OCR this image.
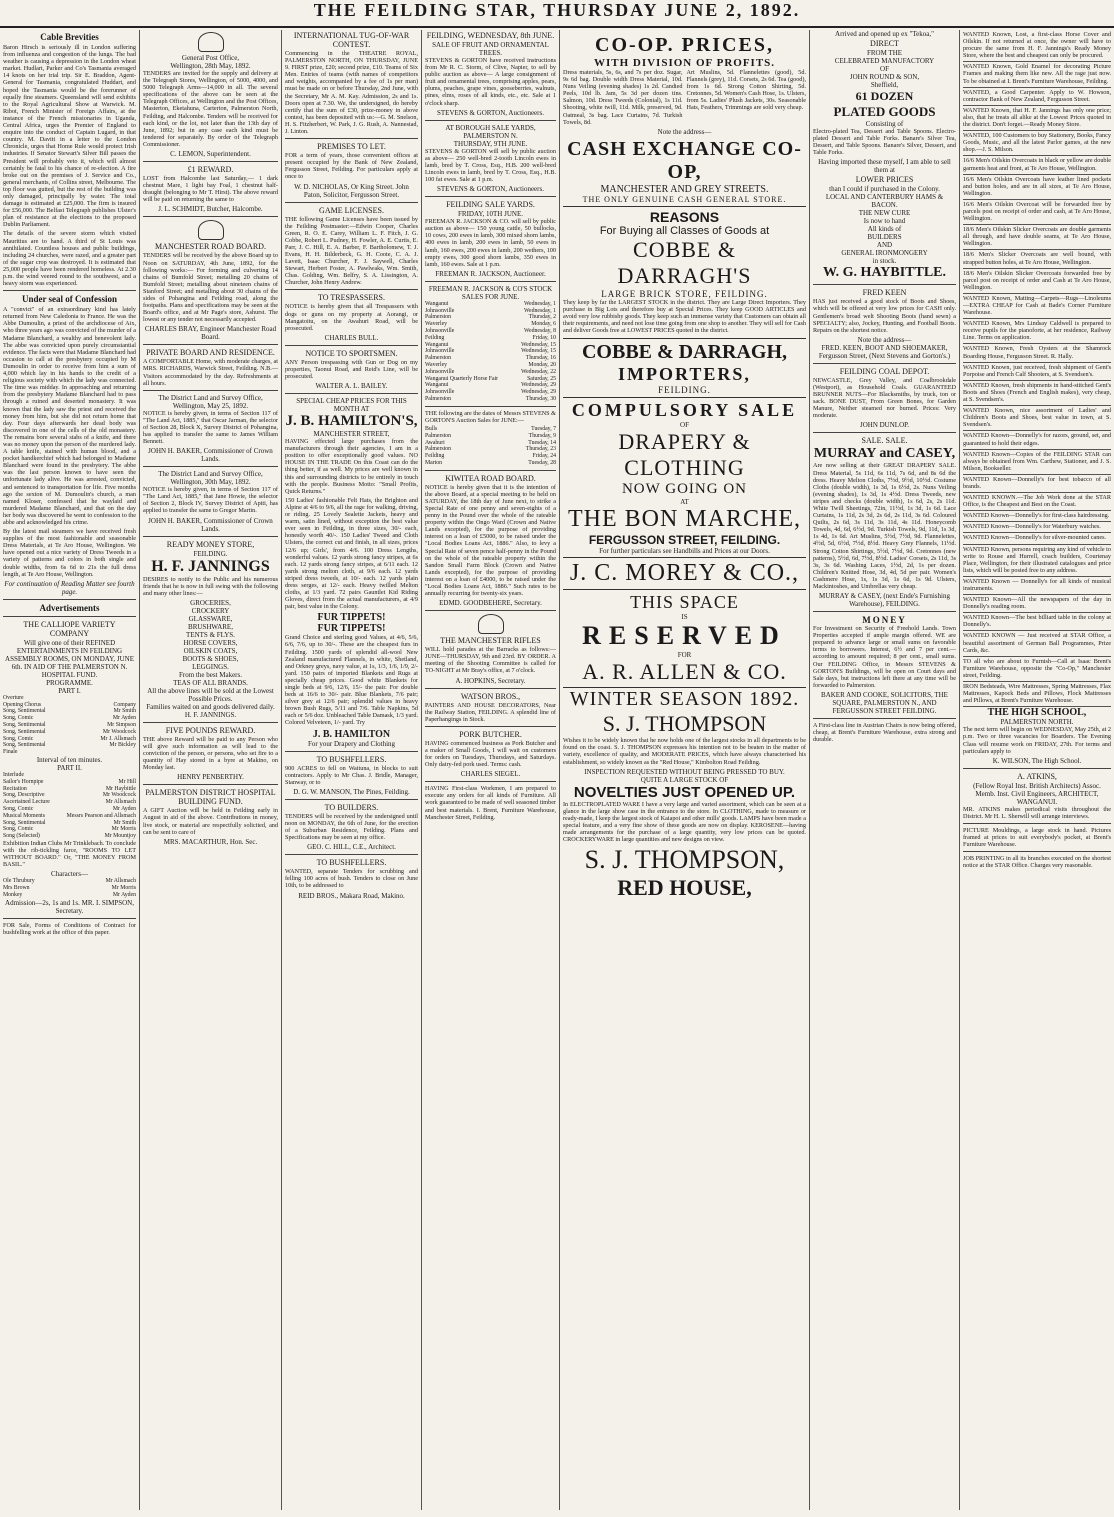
THE FEILDING STAR, THURSDAY JUNE 2, 1892.
Cable Brevities
Baron Hirsch is seriously ill in London suffering from influenza and congestion of the lungs. The bad weather is causing a depression in the London wheat market. Hudlart, Parker and Co's Tasmania averaged 14 knots on her trial trip. Sir E. Braddon, Agent-General for Tasmania, congratulated Huddart, and hoped the Tasmania would be the forerunner of equally fine steamers. Queensland will send exhibits to the Royal Agricultural Show at Warwick. M. Ribot, French Minister of Foreign Affairs, at the instance of the French missionaries in Uganda, Central Africa, urges the Premier of England to enquire into the conduct of Captain Lugard, in that country. M. Davitt in a letter to the London Chronicle, urges that Home Rule would protect Irish industries. If Senator Stewart's Silver Bill passes the President will probably veto it, which will almost certainly be fatal to his chance of re-election. A fire broke out on the premises of J. Service and Co., general merchants, of Collins street, Melbourne. The top floor was gutted, but the rest of the building was only damaged, principally by water. The total damage is estimated at £25,000. The firm is insured for £56,000. The Belfast Telegraph publishes Ulster's plan of resistance at the elections to the proposed Dublin Parliament.
The details of the severe storm which visited Mauritius are to hand. A third of St Louis was annihilated. Countless houses and public buildings, including 24 churches, were razed, and a greater part of the sugar crop was destroyed. It is estimated that 25,000 people have been rendered homeless. At 2.30 p.m. the wind veered round to the southwest, and a heavy storm was experienced.
Under seal of Confession
A "convict" of an extraordinary kind has lately returned from New Caledonia to France. He was the Abbe Dumoulin, a priest of the archdiocese of Aix, who three years ago was convicted of the murder of a Madame Blanchard, a wealthy and benevolent lady. The abbe was convicted upon purely circumstantial evidence. The facts were that Madame Blanchard had occasion to call at the presbytery occupied by M Dumoulin in order to receive from him a sum of 4,000 which lay in his hands to the credit of a religious society with which the lady was connected. The time was midday. In approaching and returning from the presbytery Madame Blanchard had to pass through a ruined and deserted monastery. It was known that the lady saw the priest and received the money from him, but she did not return home that day. Four days afterwards her dead body was discovered in one of the cells of the old monastery. The remains bore several stabs of a knife, and there was no money upon the person of the murdered lady. A table knife, stained with human blood, and a pocket handkerchief which had belonged to Madame Blanchard were found in the presbytery. The abbe was the last person known to have seen the unfortunate lady alive. He was arrested, convicted, and sentenced to transportation for life. Five months ago the sexton of M. Dumoulin's church, a man named Kloser, confessed that he waylaid and murdered Madame Blanchard, and that on the day her body was discovered he went to confession to the abbe and acknowledged his crime.
By the latest mail steamers we have received fresh supplies of the most fashionable and seasonable Dress Materials, at Te Aro House, Wellington. We have opened out a nice variety of Dress Tweeds in a variety of patterns and colors in both single and double widths, from 6s 6d to 21s the full dress length, at Te Aro House, Wellington.
For continuation of Reading Matter see fourth page.
Advertisements
THE CALLIOPE VARIETY COMPANY
Will give one of their REFINED ENTERTAINMENTS IN FEILDING ASSEMBLY ROOMS, ON MONDAY, JUNE 6th. IN AID OF THE PALMERSTON N. HOSPITAL FUND.
PROGRAMME.
PART I.
Overture
Opening Chorus	Company
Song, Sentimental	Mr Smith
Song, Comic	Mr Ayden
Song, Sentimental	Mr Simpson
Song, Sentimental	Mr Woodcock
Song, Comic	Mr J. Allsmach
Song, Sentimental	Mr Bickley
Finale
Interval of ten minutes.
PART II.
Interlude
Sailor's Hornpipe	Mr Hill
Recitation	Mr Haybittle
Song, Descriptive	Mr Woodcock
Ascertained Lecture	Mr Allsmach
Song, Comic	Mr Ayden
Musical Moments	Messrs Pearson and Allsmach
Song, Sentimental	Mr Smith
Song, Comic	Mr Morris
Song (Selected)	Mr Mountjoy
Exhibition Indian Clubs Mr Trinklebach. To conclude with the rib-tickling farce, "ROOMS TO LET WITHOUT BOARD." Or, "THE MONEY FROM BASIL."
Characters—
Ole Thrubury	Mr Allsmach
Mrs Brown	Mr Morris
Monkey	Mr Ayden
Admission—2s, 1s and 1s. MR. I. SIMPSON, Secretary.
FOR Sale, Forms of Conditions of Contract for bushfelling work at the office of this paper.
General Post Office,
Wellington, 28th May, 1892.
TENDERS are invited for the supply and delivery at the Telegraph Stores, Wellington, of 5000, 4000, and 5000 Telegraph Arms—14,000 in all. The several specifications of the above can be seen at the Telegraph Offices, at Wellington and the Post Offices, Masterton, Eketahuna, Carterton, Palmerston North, Feilding, and Halcombe. Tenders will be received for each kind, or the lot, not later than the 13th day of June, 1892; but in any case each kind must be tendered for separately. By order of the Telegraph Commissioner.
C. LEMON, Superintendent.
£1 REWARD.
LOST from Halcombe last Saturday,— 1 dark chestnut Mare, 1 light bay Foal, 1 chestnut half-draught (belonging to Mr T. Hirst). The above reward will be paid on returning the same to
J. L. SCHMIDT, Butcher, Halcombe.
MANCHESTER ROAD BOARD.
TENDERS will be received by the above Board up to Noon on SATURDAY, 4th June, 1892, for the following works:— For forming and culverting 14 chains of Bumfold Street; metalling 20 chains of Bumfold Street; metalling about nineteen chains of Stanford Street; and metalling about 30 chains of the sides of Pohangina and Feilding road, along the footpaths. Plans and specifications may be seen at the Board's office, and at Mr Page's store, Ashurst. The lowest or any tender not necessarily accepted.
CHARLES BRAY, Engineer Manchester Road Board.
PRIVATE BOARD AND RESIDENCE.
A COMFORTABLE Home, with moderate charges, at MRS. RICHARDS, Warwick Street, Feilding. N.B.—Visitors accommodated by the day. Refreshments at all hours.
The District Land and Survey Office, Wellington, May 25, 1892.
NOTICE is hereby given, in terms of Section 117 of "The Land Act, 1885," that Oscar Jarman, the selector of Section 28, Block X, Survey District of Pohangina, has applied to transfer the same to James William Bennett.
JOHN H. BAKER, Commissioner of Crown Lands.
The District Land and Survey Office, Wellington, 30th May, 1892.
NOTICE is hereby given, in terms of Section 117 of "The Land Act, 1885," that Jane Howie, the selector of Section 2, Block IV, Survey District of Apiti, has applied to transfer the same to Gregor Martin.
JOHN H. BAKER, Commissioner of Crown Lands.
READY MONEY STORE,
FEILDING.
H. F. JANNINGS
DESIRES to notify to the Public and his numerous friends that he is now in full swing with the following and many other lines:—
GROCERIES,
CROCKERY
GLASSWARE,
BRUSHWARE,
TENTS & FLYS.
HORSE COVERS,
OILSKIN COATS,
BOOTS & SHOES,
LEGGINGS.
From the best Makers.
TEAS OF ALL BRANDS.
All the above lines will be sold at the Lowest Possible Prices.
Families waited on and goods delivered daily.
H. F. JANNINGS.
FIVE POUNDS REWARD.
THE above Reward will be paid to any Person who will give such information as will lead to the conviction of the person, or persons, who set fire to a quantity of Hay stored in a byre at Makino, on Monday last.
HENRY PENBERTHY.
PALMERSTON DISTRICT HOSPITAL BUILDING FUND.
A GIFT Auction will be held in Feilding early in August in aid of the above. Contributions in money, live stock, or material are respectfully solicited, and can be sent to care of
MRS. MACARTHUR, Hon. Sec.
INTERNATIONAL TUG-OF-WAR CONTEST.
Commencing in the THEATRE ROYAL, PALMERSTON NORTH, ON THURSDAY, JUNE 9. FIRST prize, £20; second prize, £10. Teams of Six Men. Entries of teams (with names of competitors and weights, accompanied by a fee of 1s per man) must be made on or before Thursday, 2nd June, with the Secretary, Mr A. M. Kay. Admission, 2s and 1s. Doors open at 7.30. We, the undersigned, do hereby certify that the sum of £30, prize-money in above contest, has been deposited with us:—G. M. Snelson, H. S. Fitzherbert, W. Park, J. G. Rush, A. Nannestad, J. Linton.
PREMISES TO LET.
FOR a term of years, those convenient offices at present occupied by the Bank of New Zealand, Fergusson Street, Feilding. For particulars apply at once to
W. D. NICHOLAS, Or King Street. John Paton, Solicitor, Fergusson Street.
GAME LICENSES.
THE following Game Licenses have been issued by the Feilding Postmaster:—Edwin Cooper, Charles Green, R. O. E. Carey, William L. F. Fitch, J. G. Cobbe, Robert L. Pudney, H. Fowler, A. E. Curtis, E. Parr, J. C. Hill, E. A. Barber, F. Bartholomew, T. J. Evans, H. H. Bilderbeck, G. H. Coote, C. A. J. Lavett, Isaac Churcher, F. J. Saywell, Charles Stewart, Herbert Foster, A. Pawlwaks, Wm. Smith, Chas. Golding, Wm. Belfry, S. A. Lissington, A. Churcher, John Henry Andrew.
TO TRESPASSERS.
NOTICE is hereby given that all Trespassers with dogs or guns on my property at Aorangi, or Mangatoitu, on the Awahuri Road, will be prosecuted.
CHARLES BULL.
NOTICE TO SPORTSMEN.
ANY Person trespassing with Gun or Dog on my properties, Taonui Road, and Reid's Line, will be prosecuted.
WALTER A. L. BAILEY.
SPECIAL CHEAP PRICES FOR THIS MONTH AT
J. B. HAMILTON'S,
MANCHESTER STREET,
HAVING effected large purchases from the manufacturers through their agencies, I am in a position to offer exceptionally good values. NO HOUSE IN THE TRADE On this Coast can do the thing better, if as well. My prices are well known in this and surrounding districts to be entirely in touch with the people. Business Motto: "Small Profits, Quick Returns."
150 Ladies' fashionable Felt Hats, the Brighton and Alpine at 4/6 to 9/6, all the rage for walking, driving, or riding. 25 Lovely Sealette Jackets, heavy and warm, satin lined, without exception the best value ever seen in Feilding, in three sizes, 30/- each, honestly worth 40/-. 150 Ladies' Tweed and Cloth Ulsters, the correct cut and finish, in all sizes, prices 12/6 up; Girls', from 4/6. 100 Dress Lengths, wonderful values. 12 yards strong fancy stripes, at 6s each. 12 yards strong fancy stripes, at 6/11 each. 12 yards strong melton cloth, at 9/6 each. 12 yards striped dress tweeds, at 10/- each. 12 yards plain dress serges, at 12/- each. Heavy twilled Melton cloths, at 1/3 yard. 72 pairs Gauntlet Kid Riding Gloves, direct from the actual manufacturers, at 4/9 pair, best value in the Colony.
FUR TIPPETS!
FUR TIPPETS!
Grand Choice and sterling good Values, at 4/6, 5/6, 6/6, 7/6, up to 30/-. These are the cheapest furs in Feilding. 1500 yards of splendid all-wool New Zealand manufactured Flannels, in white, Shetland, and Orkney greys, navy value, at 1s, 1/3, 1/6, 1/9, 2/- yard. 150 pairs of imported Blankets and Rugs at specially cheap prices. Good white Blankets for single beds at 9/6, 12/6, 15/- the pair. For double beds at 16/6 to 30/- pair. Blue Blankets, 7/6 pair; silver grey at 12/6 pair; splendid values in heavy brown Bush Rugs, 5/11 and 7/6. Table Napkins, 5d each or 5/6 doz. Unbleached Table Damask, 1/3 yard. Colored Velveteen, 1/- yard. Try
J. B. HAMILTON
For your Drapery and Clothing
TO BUSHFELLERS.
900 ACRES to fell on Waituna, in blocks to suit contractors. Apply to Mr Chas. J. Bridle, Manager, Stanway, or to
D. G. W. MANSON, The Pines, Feilding.
TO BUILDERS.
TENDERS will be received by the undersigned until noon on MONDAY, the 6th of June, for the erection of a Suburban Residence, Feilding. Plans and Specifications may be seen at my office.
GEO. C. HILL, C.E., Architect.
TO BUSHFELLERS.
WANTED, separate Tenders for scrubbing and felling 100 acres of bush. Tenders to close on June 10th, to be addressed to
REID BROS., Makara Road, Makino.
FEILDING, WEDNESDAY, 8th JUNE.
SALE OF FRUIT AND ORNAMENTAL TREES.
STEVENS & GORTON have received instructions from Mr R. C. Storm, of Clive, Napier, to sell by public auction as above— A large consignment of fruit and ornamental trees, comprising apples, pears, plums, peaches, grape vines, gooseberries, walnuts, pines, elms, roses of all kinds, etc., etc. Sale at 1 o'clock sharp.
STEVENS & GORTON, Auctioneers.
AT BOROUGH SALE YARDS, PALMERSTON N.
THURSDAY, 9TH JUNE.
STEVENS & GORTON will sell by public auction as above— 250 well-bred 2-tooth Lincoln ewes in lamb, bred by T. Cross, Esq., H.B. 200 well-bred Lincoln ewes in lamb, bred by T. Cross, Esq., H.B. 100 fat ewes. Sale at 1 p.m.
STEVENS & GORTON, Auctioneers.
FEILDING SALE YARDS.
FRIDAY, 10TH JUNE.
FREEMAN R. JACKSON & CO. will sell by public auction as above— 150 young cattle, 50 bullocks, 10 cows, 200 ewes in lamb, 300 mixed shorn lambs, 400 ewes in lamb, 200 ewes in lamb, 50 ewes in lamb, 160 ewes, 200 ewes in lamb, 200 wethers, 100 empty ewes, 300 good shorn lambs, 350 ewes in lamb, 160 ewes. Sale at 1 p.m.
FREEMAN R. JACKSON, Auctioneer.
FREEMAN R. JACKSON & CO'S STOCK SALES FOR JUNE.
Wanganui	Wednesday, 1
Johnsonville	Wednesday, 1
Palmerston	Thursday, 2
Waverley	Monday, 6
Johnsonville	Wednesday, 8
Feilding	Friday, 10
Wanganui	Wednesday, 15
Johnsonville	Wednesday, 15
Palmerston	Thursday, 16
Waverley	Monday, 20
Johnsonville	Wednesday, 22
Wanganui Quarterly Horse Fair	Saturday, 25
Wanganui	Wednesday, 29
Johnsonville	Wednesday, 29
Palmerston	Thursday, 30
THE following are the dates of Messrs STEVENS & GORTON'S Auction Sales for JUNE:—
Bulls	Tuesday, 7
Palmerston	Thursday, 9
Awahuri	Tuesday, 14
Palmerston	Thursday, 23
Feilding	Friday, 24
Marton	Tuesday, 28
KIWITEA ROAD BOARD.
NOTICE is hereby given that it is the intention of the above Board, at a special meeting to be held on SATURDAY, the 18th day of June next, to strike a Special Rate of one penny and seven-eights of a penny in the Pound over the whole of the rateable property within the Ongo Ward (Crown and Native Lands excepted), for the purpose of providing interest on a loan of £5000, to be raised under the "Local Bodies Loans Act, 1886." Also, to levy a Special Rate of seven pence half-penny in the Pound on the whole of the rateable property within the Sandon Small Farm Block (Crown and Native Lands excepted), for the purpose of providing interest on a loan of £4000, to be raised under the "Local Bodies Loans Act, 1886." Such rates to be annually recurring for twenty-six years.
EDMD. GOODBEHERE, Secretary.
THE MANCHESTER RIFLES
WILL hold parades at the Barracks as follows:— JUNE—THURSDAY, 9th and 23rd. BY ORDER. A meeting of the Shooting Committee is called for TO-NIGHT at Mr Bray's office, at 7 o'clock.
A. HOPKINS, Secretary.
WATSON BROS.,
PAINTERS AND HOUSE DECORATORS, Near the Railway Station, FEILDING. A splendid line of Paperhangings in Stock.
PORK BUTCHER.
HAVING commenced business as Pork Butcher and a maker of Small Goods, I will wait on customers for orders on Tuesdays, Thursdays, and Saturdays. Only dairy-fed pork used. Terms: cash.
CHARLES SIEGEL.
HAVING First-class Workmen, I am prepared to execute any orders for all kinds of Furniture. All work guaranteed to be made of well seasoned timber and best materials. I. Brent, Furniture Warehouse, Manchester Street, Feilding.
CO-OP. PRICES,
WITH DIVISION OF PROFITS.
Dress materials, 5s, 6s, and 7s per doz. Sugar, 9s 6d bag. Double width Dress Material, 10d. Nuns Veiling (evening shades) 1s 2d. Candied Peels, 10d lb. Jam, 5s 3d per dozen tins. Salmon, 10d. Dress Tweeds (Colonial), 1s 11d. Shooting, white twill, 11d. Milk, preserved, 9d. Oatmeal, 3s bag. Lace Curtains, 7d. Turkish Towels, 8d.
Art Muslins, 5d. Flannelettes (good), 5d. Flannels (grey), 11d. Corsets, 2s 6d. Tea (good), from 1s 6d. Strong Cotton Shirting, 5d. Cretonnes, 5d. Women's Cash Hose, 1s. Ulsters, from 5s. Ladies' Plush Jackets, 30s. Seasonable Hats, Feathers, Trimmings are sold very cheap.
Note the address—
CASH EXCHANGE CO-OP,
MANCHESTER AND GREY STREETS.
THE ONLY GENUINE CASH GENERAL STORE.
REASONS
For Buying all Classes of Goods at
COBBE & DARRAGH'S
LARGE BRICK STORE, FEILDING.
They keep by far the LARGEST STOCK in the district. They are Large Direct Importers. They purchase in Big Lots and therefore buy at Special Prices. They keep GOOD ARTICLES and avoid very low rubbishy goods. They keep such an immense variety that Customers can obtain all their requirements, and need not lose time going from one shop to another. They will sell for Cash and deliver Goods free at LOWEST PRICES quoted in the district.
COBBE & DARRAGH,
IMPORTERS,
FEILDING.
COMPULSORY SALE
OF
DRAPERY & CLOTHING
NOW GOING ON
AT
THE BON MARCHE,
FERGUSSON STREET, FEILDING.
For further particulars see Handbills and Prices at our Doors.
J. C. MOREY & CO.,
THIS SPACE
IS
RESERVED
FOR
A. R. ALLEN & CO.
WINTER SEASON 1892.
S. J. THOMPSON
Wishes it to be widely known that he now holds one of the largest stocks in all departments to be found on the coast. S. J. THOMPSON expresses his intention not to be beaten in the matter of variety, excellence of quality, and MODERATE PRICES, which have always characterised his establishment, so widely known as the "Red House," Kimbolton Road Feilding.
INSPECTION REQUESTED WITHOUT BEING PRESSED TO BUY.
QUITE A LARGE STOCK OF
NOVELTIES JUST OPENED UP.
In ELECTROPLATED WARE I have a very large and varied assortment, which can be seen at a glance in the large show case in the entrance to the store. In CLOTHING, made to measure or ready-made, I keep the largest stock of Kaiapoi and other mills' goods. LAMPS have been made a special feature, and a very fine show of these goods are now on display. KEROSENE—having made arrangements for the purchase of a large quantity, very low prices can be quoted. CROCKERYWARE in large quantities and new designs on view.
S. J. THOMPSON,
RED HOUSE,
Arrived and opened up ex "Tekoa,"
DIRECT
FROM THE
CELEBRATED MANUFACTORY
OF
JOHN ROUND & SON,
Sheffield,
61 DOZEN
PLATED GOODS
Consisting of
Electro-plated Tea, Dessert and Table Spoons. Electro-plated Dessert and Table Forks. Banare's Silver Tea, Dessert, and Table Spoons. Banare's Silver, Dessert, and Table Forks.
Having imported these myself, I am able to sell them at
LOWER PRICES
than I could if purchased in the Colony.
LOCAL AND CANTERBURY HAMS & BACON.
THE NEW CURE
Is now to hand
All kinds of
BUILDERS
AND
GENERAL IRONMONGERY
in stock.
W. G. HAYBITTLE.
FRED KEEN
HAS just received a good stock of Boots and Shoes, which will be offered at very low prices for CASH only. Gentlemen's broad welt Shooting Boots (hand sewn) a SPECIALTY; also, Jockey, Hunting, and Football Boots. Repairs on the shortest notice.
Note the address—
FRED. KEEN, BOOT AND SHOEMAKER, Fergusson Street, (Next Stevens and Gorton's.)
FEILDING COAL DEPOT.
NEWCASTLE, Grey Valley, and Coalbrookdale (Westport), as Household Coals. GUARANTEED BRUNNER NUTS—For Blacksmiths, by truck, ton or sack. BONE DUST, From Green Bones, for Garden Manure, Neither steamed nor burned. Prices: Very moderate.
JOHN DUNLOP.
SALE. SALE.
MURRAY and CASEY,
Are now selling at their GREAT DRAPERY SALE. Dress Material, 5s 11d, 6s 11d, 7s 6d, and 8s 6d the dress. Heavy Melton Cloths, 7½d, 9½d, 10½d. Costume Cloths (double width), 1s 3d, 1s 6½d, 2s. Nuns Veiling (evening shades), 1s 3d, 1s 4½d. Dress Tweeds, new stripes and checks (double width), 1s 6d, 2s, 2s 11d. White Twill Sheetings, 72in, 11½d, 1s 3d, 1s 6d. Lace Curtains, 1s 11d, 2s 3d, 2s 6d, 2s 11d, 3s 6d. Coloured Quilts, 2s 6d, 3s 11d, 3s 11d, 4s 11d. Honeycomb Towels, 4d, 6d, 6½d, 9d. Turkish Towels, 9d, 11d, 1s 3d, 1s 4d, 1s 6d. Art Muslins, 5½d, 7½d, 9d. Flannelettes, 4½d, 5d, 6½d, 7½d, 8½d. Heavy Grey Flannels, 11½d. Strong Cotton Shirtings, 5½d, 7½d, 9d. Cretonnes (new patterns), 5½d, 6d, 7½d, 8½d. Ladies' Corsets, 2s 11d, 3s 3s, 3s 6d. Washing Laces, 1½d, 2d, 1s per dozen. Children's Knitted Hose, 3d, 4d, 5d per pair. Women's Cashmere Hose, 1s, 1s 3d, 1s 6d, 1s 9d. Ulsters, Mackintoshes, and Umbrellas very cheap.
MURRAY & CASEY, (next Ende's Furnishing Warehouse), FEILDING.
MONEY
For Investment on Security of Freehold Lands. Town Properties accepted if ample margin offered. WE are prepared to advance large or small sums on favorable terms to borrowers. Interest, 6½ and 7 per cent.—according to amount required; 8 per cent., small sums. Our FEILDING Office, in Messrs STEVENS & GORTON'S Buildings, will be open on Court days and Sale days, but instructions left there at any time will be forwarded to Palmerston.
BAKER AND COOKE, SOLICITORS, THE SQUARE, PALMERSTON N., AND FERGUSSON STREET FEILDING.
A First-class line in Austrian Chairs is now being offered, cheap, at Brent's Furniture Warehouse, extra strong and durable.
WANTED Known, Lost, a first-class Horse Cover and Oilskin. If not returned at once, the owner will have to procure the same from H. F. Jannings's Ready Money Store, where the best and cheapest can only be procured.
WANTED Known, Gold Enamel for decorating Picture Frames and making them like new. All the rage just now. To be obtained at I. Brent's Furniture Warehouse, Feilding.
WANTED, a Good Carpenter. Apply to W. Howson, contractor Bank of New Zealand, Fergusson Street.
WANTED Known, that H. F. Jannings has only one price; also, that he treats all alike at the Lowest Prices quoted in the district. Don't forget.—Ready Money Store.
WANTED, 100 Customers to buy Stationery, Books, Fancy Goods, Music, and all the latest Parlor games, at the new shop.—J. S. Milson.
16/6 Men's Oilskin Overcoats in black or yellow are double garments heat and front, at Te Aro House, Wellington.
16/6 Men's Oilskin Overcoats have leather lined pockets and button holes, and are in all sizes, at Te Aro House, Wellington.
16/6 Men's Oilskin Overcoat will be forwarded free by parcels post on receipt of order and cash, at Te Aro House, Wellington.
18/6 Men's Oilskin Slicker Overcoats are double garments all through, and have double seams, at Te Aro House, Wellington.
18/6 Men's Slicker Overcoats are well bound, with strapped button holes, at Te Aro House, Wellington.
18/6 Men's Oilskin Slicker Overcoats forwarded free by parcel post on receipt of order and Cash at Te Aro House, Wellington.
WANTED Known, Matting—Carpets—Rugs—Linoleums—EXTRA CHEAP for Cash at Bade's Corner Furniture Warehouse.
WANTED Known, Mrs Lindsay Caldwell is prepared to receive pupils for the pianoforte, at her residence, Railway Line. Terms on application.
WANTED Known, Fresh Oysters at the Shamrock Boarding House, Fergusson Street. R. Hally.
WANTED Known, just received, fresh shipment of Gent's Porpoise and French Calf Shooters, at S. Svendsen's.
WANTED Known, fresh shipments in hand-stitched Gent's Boots and Shoes (French and English makes), very cheap, at S. Svendsen's.
WANTED Known, nice assortment of Ladies' and Children's Boots and Shoes, best value in town, at S. Svendsen's.
WANTED Known—Donnelly's for razors, ground, set, and guaranteed to hold their edges.
WANTED Known—Copies of the FEILDING STAR can always be obtained from Wm. Carthew, Stationer, and J. S. Milson, Bookseller.
WANTED Known—Donnelly's for best tobacco of all brands.
WANTED KNOWN.—The Job Work done at the STAR Office, is the Cheapest and Best on the Coast.
WANTED Known—Donnelly's for first-class hairdressing.
WANTED Known—Donnelly's for Waterbury watches.
WANTED Known—Donnelly's for silver-mounted canes.
WANTED Known, persons requiring any kind of vehicle to write to Rouse and Hurrell, coach builders, Courtenay Place, Wellington, for their illustrated catalogues and price lists, which will be posted free to any address.
WANTED Known — Donnelly's for all kinds of musical instruments.
WANTED Known—All the newspapers of the day in Donnelly's reading room.
WANTED Known—The best billiard table in the colony at Donnelly's.
WANTED KNOWN — Just received at STAR Office, a beautiful assortment of German Ball Programmes, Prize Cards, &c.
TO all who are about to Furnish—Call at Isaac Brent's Furniture Warehouse, opposite the "Co-Op," Manchester street, Feilding.
IRON Bedsteads, Wire Mattresses, Spring Mattresses, Flax Mattresses, Kapock Beds and Pillows, Flock Mattresses and Pillows, at Brent's Furniture Warehouse.
THE HIGH SCHOOL,
PALMERSTON NORTH.
The next term will begin on WEDNESDAY, May 25th, at 2 p.m. Two or three vacancies for Boarders. The Evening Class will resume work on FRIDAY, 27th. For terms and particulars apply to
K. WILSON, The High School.
A. ATKINS,
(Fellow Royal Inst. British Architects) Assoc. Memb. Inst. Civil Engineers, ARCHITECT, WANGANUI.
MR. ATKINS makes periodical visits throughout the District. Mr H. L. Sherwill will arrange interviews.
PICTURE Mouldings, a large stock in hand. Pictures framed at prices to suit everybody's pocket, at Brent's Furniture Warehouse.
JOB PRINTING in all its branches executed on the shortest notice at the STAR Office. Charges very reasonable.
